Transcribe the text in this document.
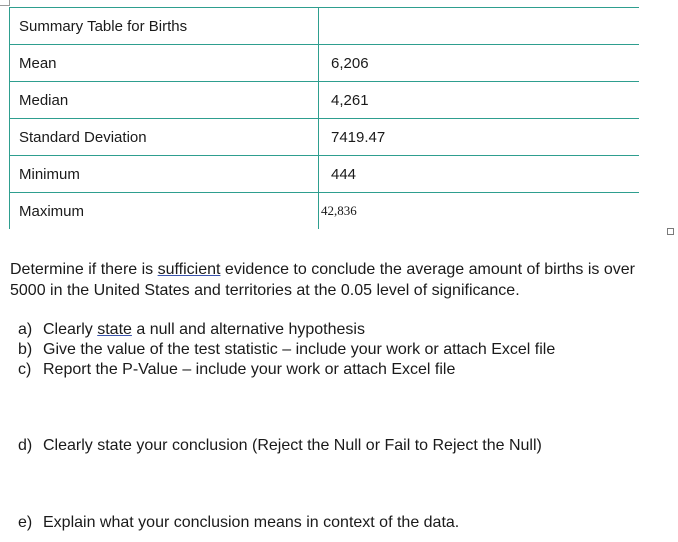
Summary Table for Births	
Mean	6,206
Median	4,261
Standard Deviation	7419.47
Minimum	444
Maximum	42,836
Determine if there is sufficient evidence to conclude the average amount of births is over 5000 in the United States and territories at the 0.05 level of significance.
a) Clearly state a null and alternative hypothesis
b) Give the value of the test statistic – include your work or attach Excel file
c) Report the P-Value – include your work or attach Excel file
d) Clearly state your conclusion (Reject the Null or Fail to Reject the Null)
e) Explain what your conclusion means in context of the data.
